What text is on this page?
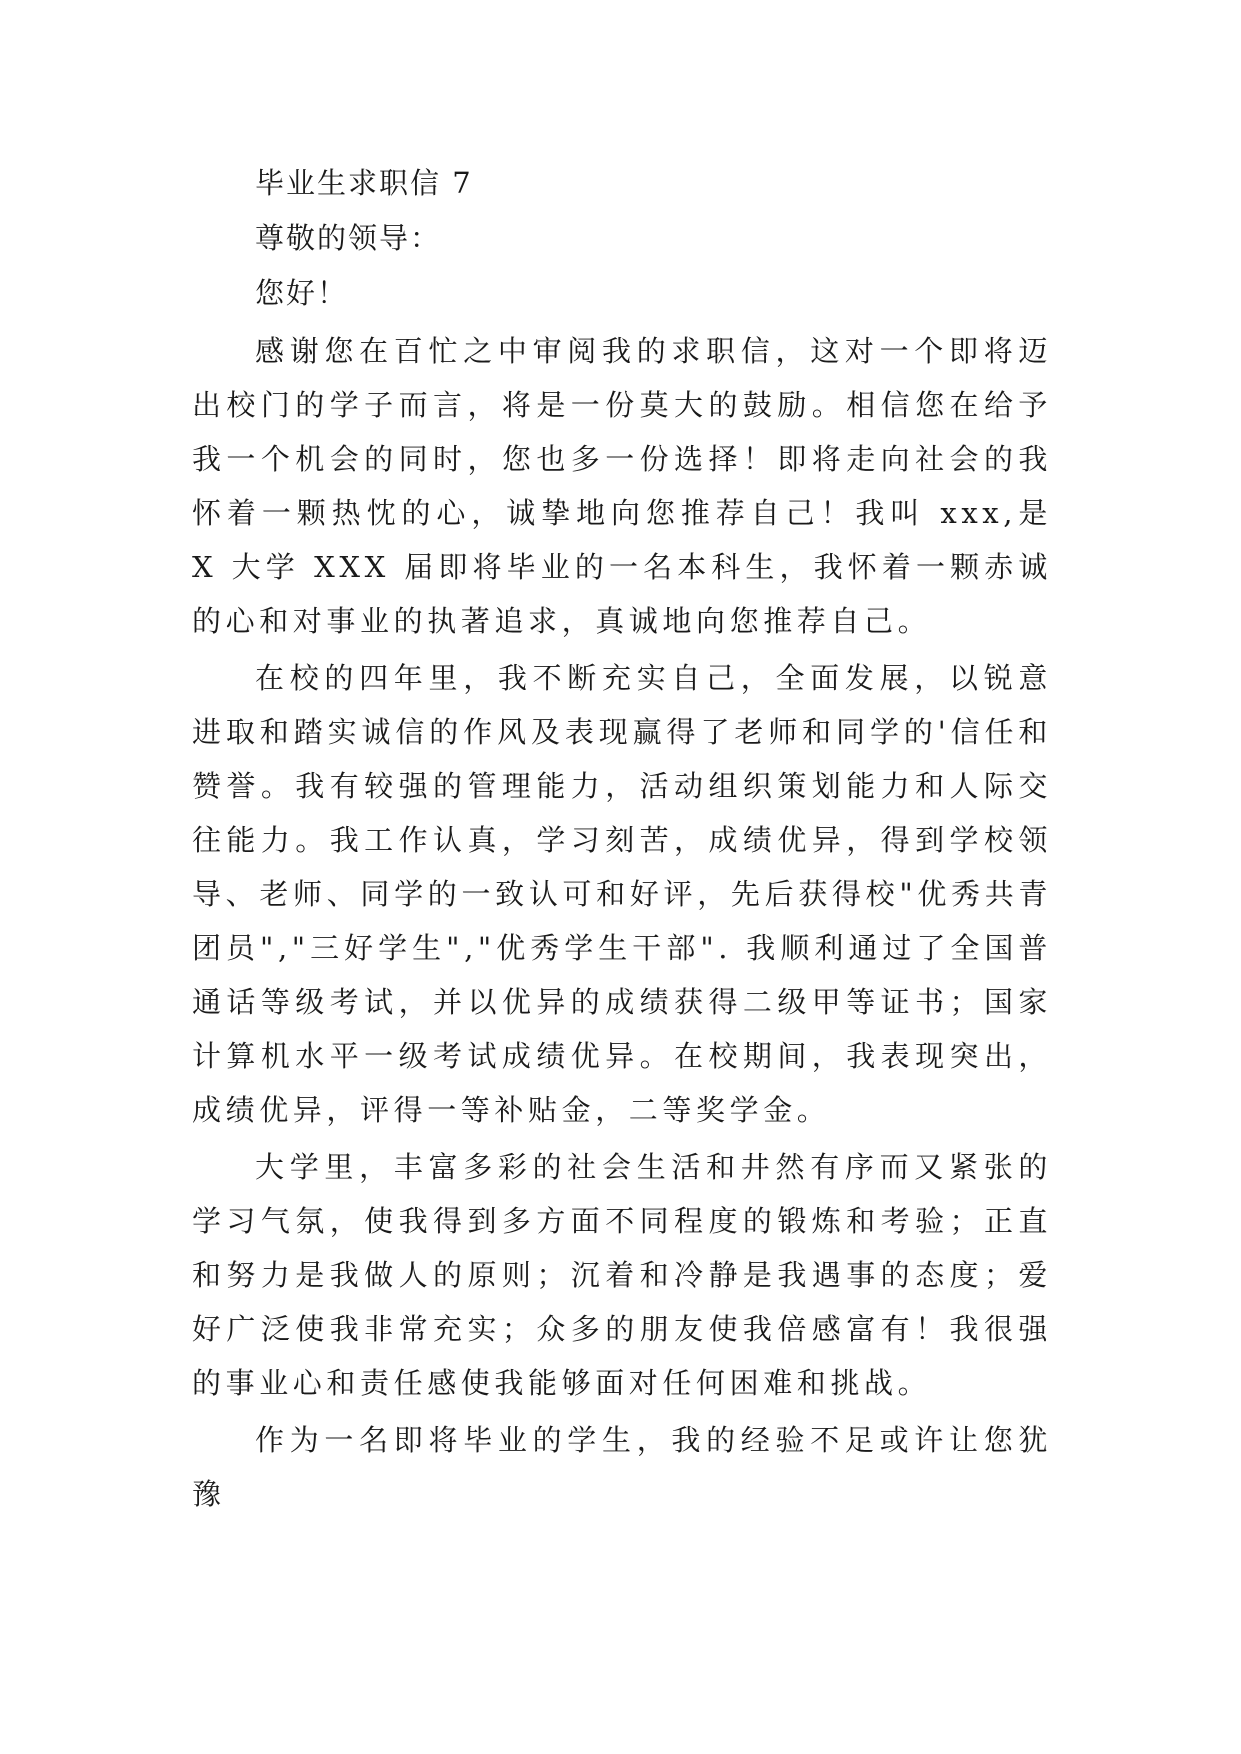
毕业生求职信 7
尊敬的领导：
您好！

感谢您在百忙之中审阅我的求职信，这对一个即将迈出校门的学子而言，将是一份莫大的鼓励。相信您在给予我一个机会的同时，您也多一份选择！即将走向社会的我怀着一颗热忱的心，诚挚地向您推荐自己！我叫 xxx,是 X 大学 XXX 届即将毕业的一名本科生，我怀着一颗赤诚的心和对事业的执著追求，真诚地向您推荐自己。

在校的四年里，我不断充实自己，全面发展，以锐意进取和踏实诚信的作风及表现赢得了老师和同学的'信任和赞誉。我有较强的管理能力，活动组织策划能力和人际交往能力。我工作认真，学习刻苦，成绩优异，得到学校领导、老师、同学的一致认可和好评，先后获得校"优秀共青团员","三好学生","优秀学生干部". 我顺利通过了全国普通话等级考试，并以优异的成绩获得二级甲等证书；国家计算机水平一级考试成绩优异。在校期间，我表现突出，成绩优异，评得一等补贴金，二等奖学金。

大学里，丰富多彩的社会生活和井然有序而又紧张的学习气氛，使我得到多方面不同程度的锻炼和考验；正直和努力是我做人的原则；沉着和冷静是我遇事的态度；爱好广泛使我非常充实；众多的朋友使我倍感富有！我很强的事业心和责任感使我能够面对任何困难和挑战。

作为一名即将毕业的学生，我的经验不足或许让您犹豫
